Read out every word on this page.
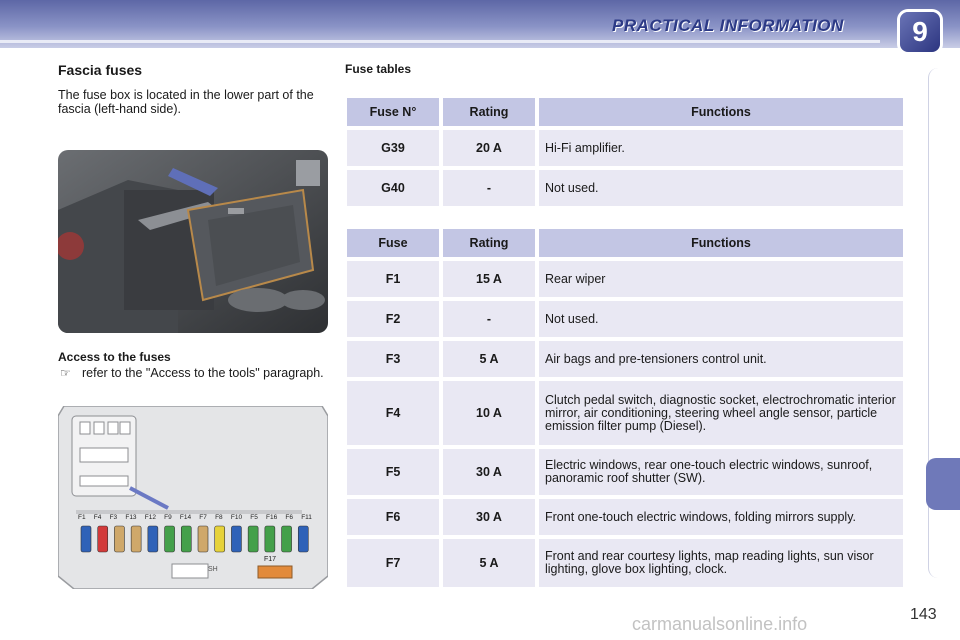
PRACTICAL INFORMATION	9
Fascia fuses
The fuse box is located in the lower part of the fascia (left-hand side).
Access to the fuses
☞ refer to the "Access to the tools" paragraph.
SH
F17
F1 F4 F3 F13 F12 F9 F14 F7 F8 F10 F5 F16 F6 F11
Fuse tables
Fuse N°	Rating	Functions
G39	20 A	Hi-Fi amplifier.
G40	-	Not used.
Fuse	Rating	Functions
F1	15 A	Rear wiper
F2	-	Not used.
F3	5 A	Air bags and pre-tensioners control unit.
F4	10 A	Clutch pedal switch, diagnostic socket, electrochromatic interior mirror, air conditioning, steering wheel angle sensor, particle emission filter pump (Diesel).
F5	30 A	Electric windows, rear one-touch electric windows, sunroof, panoramic roof shutter (SW).
F6	30 A	Front one-touch electric windows, folding mirrors supply.
F7	5 A	Front and rear courtesy lights, map reading lights, sun visor lighting, glove box lighting, clock.
143
carmanualsonline.info
